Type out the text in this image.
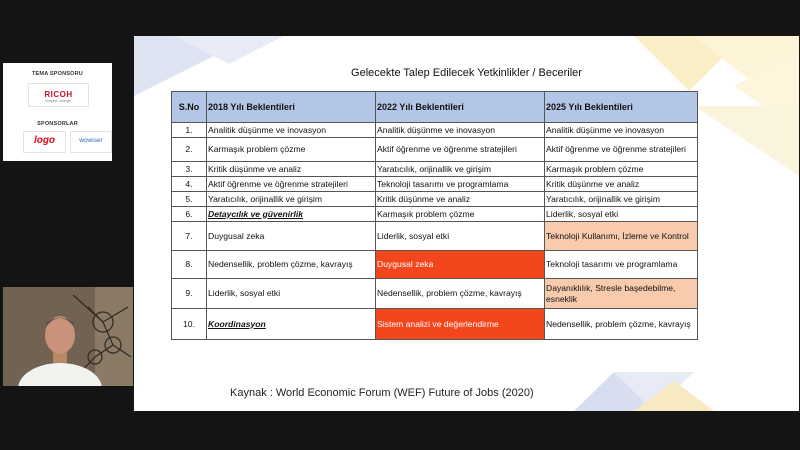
TEMA SPONSORU
RICOH
imagine. change.
SPONSORLAR
logo	wowiser
Gelecekte Talep Edilecek Yetkinlikler / Beceriler
S.No	2018 Yılı Beklentileri	2022 Yılı Beklentileri	2025 Yılı Beklentileri
1.	Analitik düşünme ve inovasyon	Analitik düşünme ve inovasyon	Analitik düşünme ve inovasyon
2.	Karmaşık problem çözme	Aktif öğrenme ve öğrenme stratejileri	Aktif öğrenme ve öğrenme stratejileri
3.	Kritik düşünme ve analiz	Yaratıcılık, orijinallik ve girişim	Karmaşık problem çözme
4.	Aktif öğrenme ve öğrenme stratejileri	Teknoloji tasarımı ve programlama	Kritik düşünme ve analiz
5.	Yaratıcılık, orijinallik ve girişim	Kritik düşünme ve analiz	Yaratıcılık, orijinallik ve girişim
6.	Detaycılık ve güvenirlik	Karmaşık problem çözme	Liderlik, sosyal etki
7.	Duygusal zeka	Liderlik, sosyal etki	Teknoloji Kullanımı, İzleme ve Kontrol
8.	Nedensellik, problem çözme, kavrayış	Duygusal zeka	Teknoloji tasarımı ve programlama
9.	Liderlik, sosyal etki	Nedensellik, problem çözme, kavrayış	Dayanıklılık, Stresle başedebilme, esneklik
10.	Koordinasyon	Sistem analizi ve değerlendirme	Nedensellik, problem çözme, kavrayış
Kaynak : World Economic Forum (WEF) Future of Jobs (2020)
